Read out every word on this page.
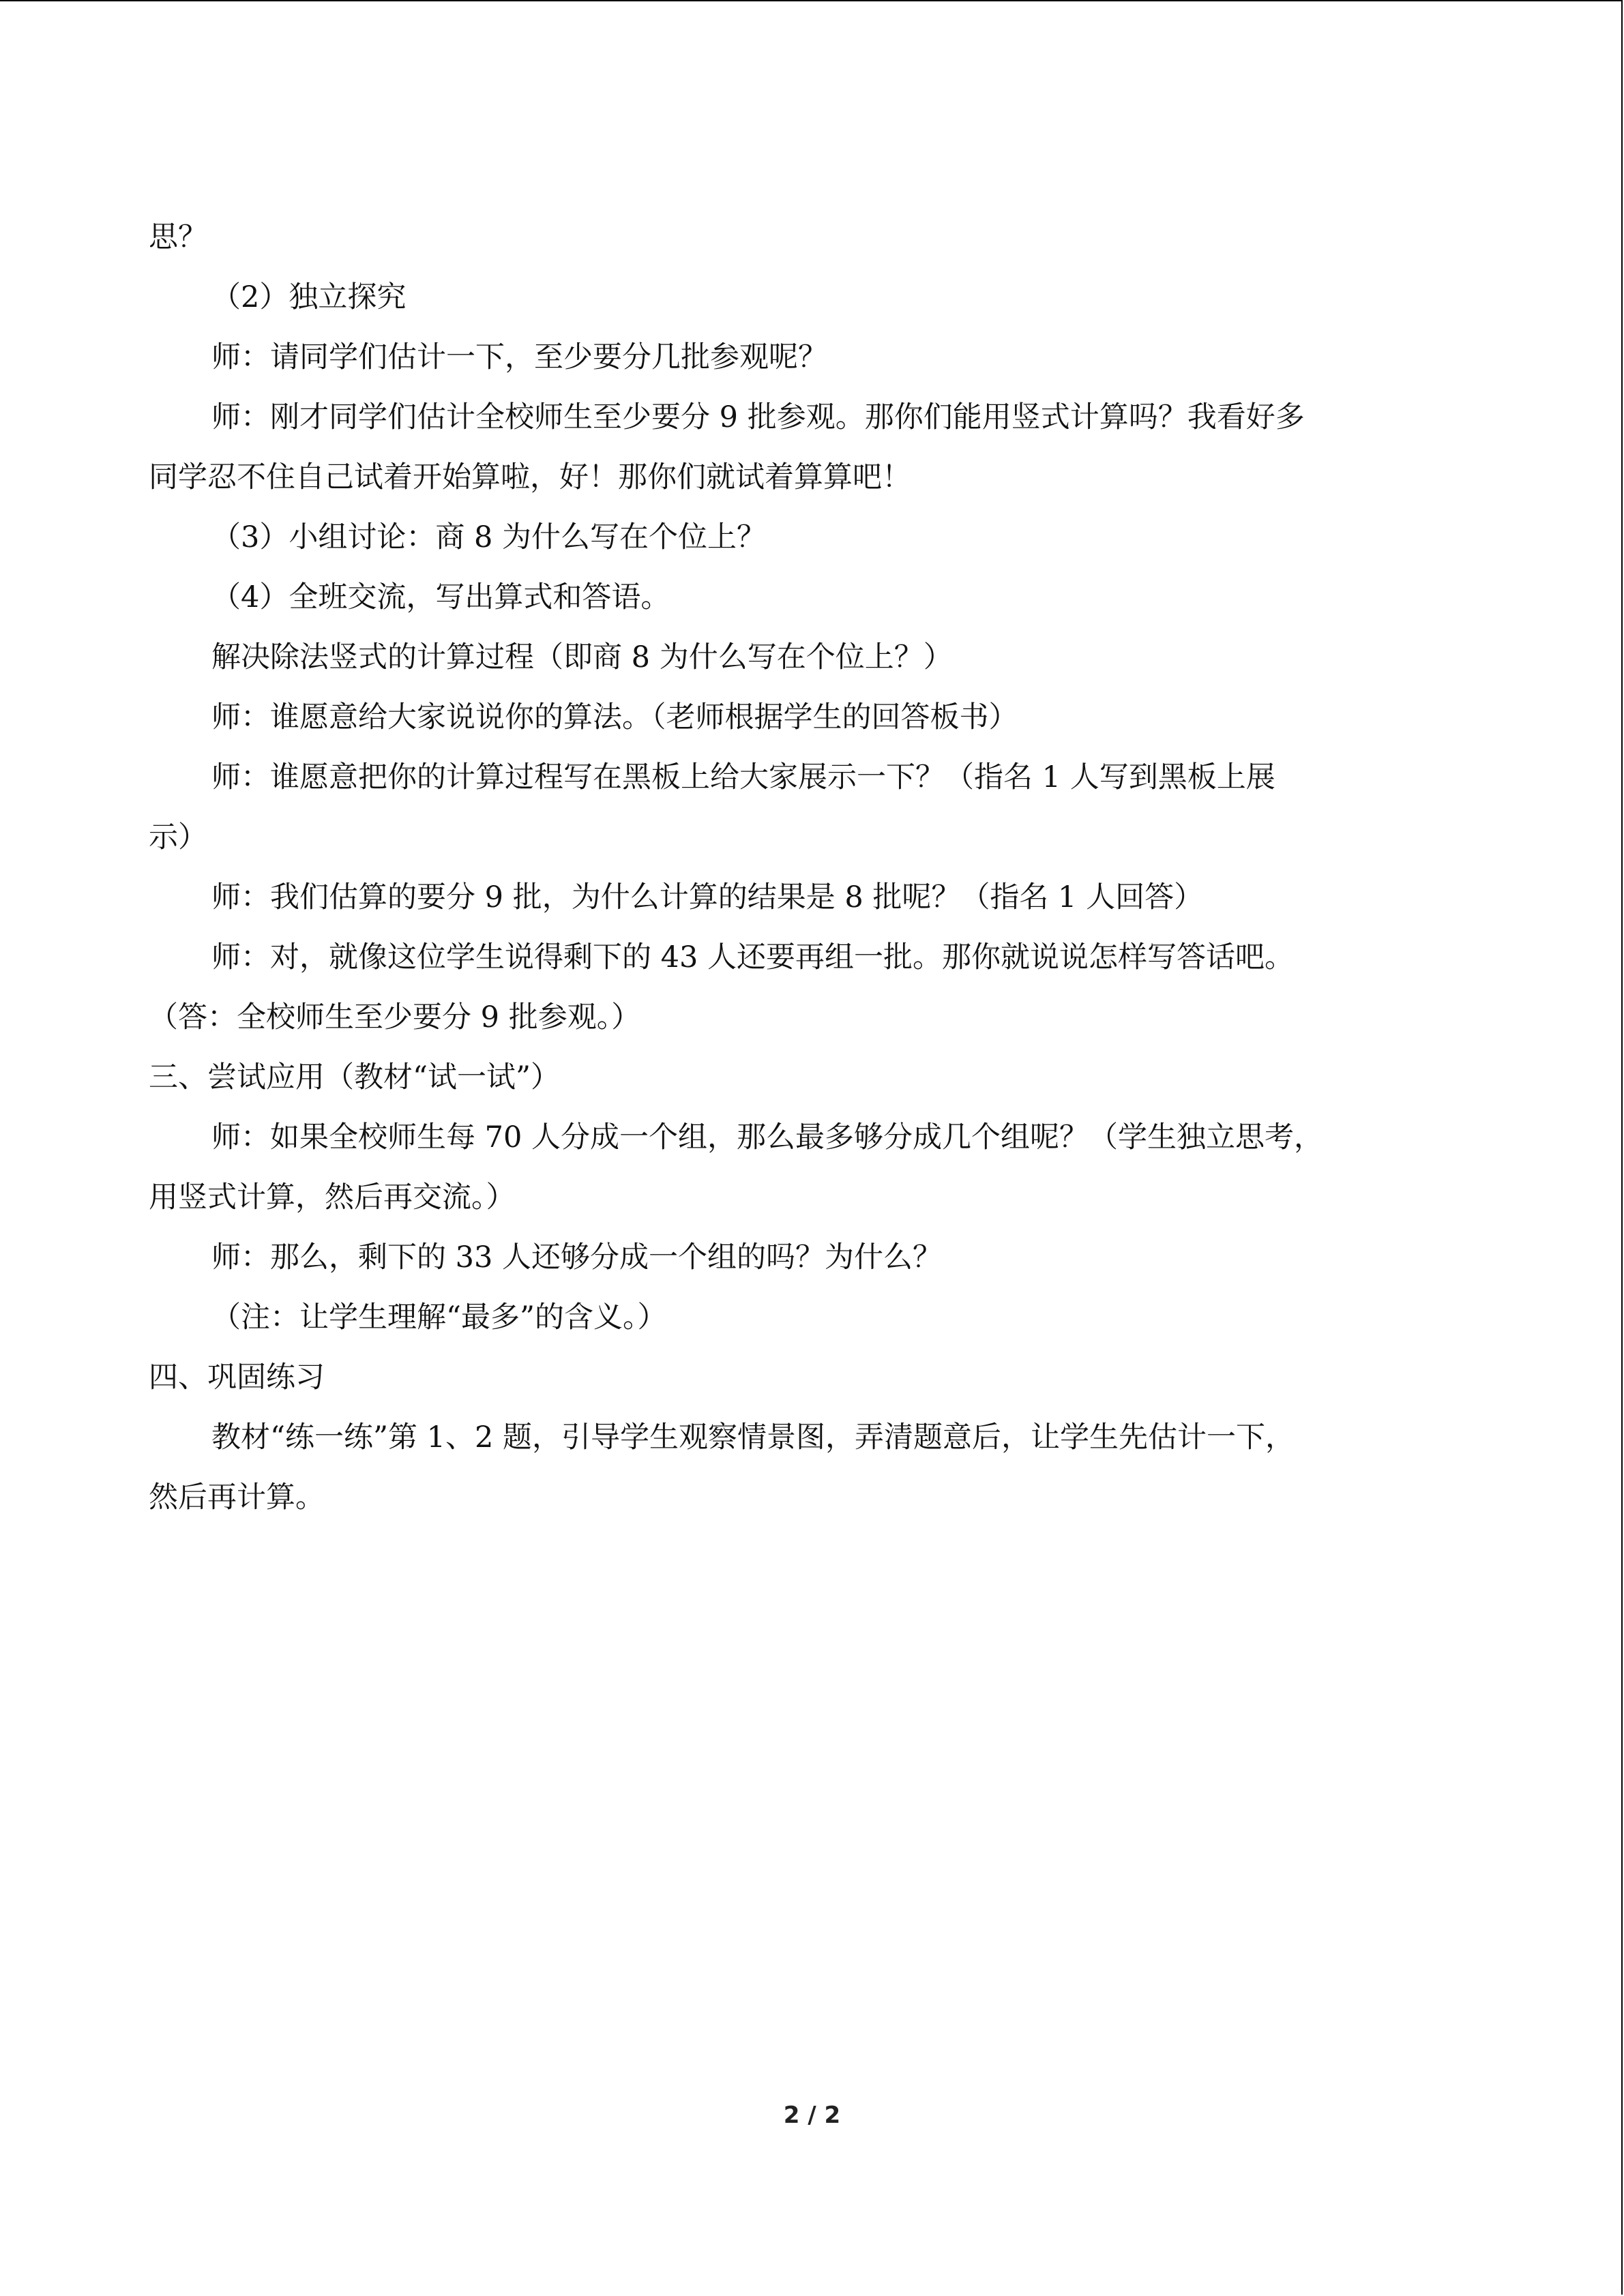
思？

（2）独立探究

师：请同学们估计一下，至少要分几批参观呢？

师：刚才同学们估计全校师生至少要分 9 批参观。那你们能用竖式计算吗？我看好多

同学忍不住自己试着开始算啦，好！那你们就试着算算吧！

（3）小组讨论：商 8 为什么写在个位上？

（4）全班交流，写出算式和答语。

解决除法竖式的计算过程（即商 8 为什么写在个位上？）

师：谁愿意给大家说说你的算法。（老师根据学生的回答板书）

师：谁愿意把你的计算过程写在黑板上给大家展示一下？（指名 1 人写到黑板上展

示）

师：我们估算的要分 9 批，为什么计算的结果是 8 批呢？（指名 1 人回答）

师：对，就像这位学生说得剩下的 43 人还要再组一批。那你就说说怎样写答话吧。

（答：全校师生至少要分 9 批参观。）

三、尝试应用（教材“试一试”）

师：如果全校师生每 70 人分成一个组，那么最多够分成几个组呢？（学生独立思考，

用竖式计算，然后再交流。）

师：那么，剩下的 33 人还够分成一个组的吗？为什么？

（注：让学生理解“最多”的含义。）

四、巩固练习

教材“练一练”第 1、2 题，引导学生观察情景图，弄清题意后，让学生先估计一下，

然后再计算。

2 / 2
